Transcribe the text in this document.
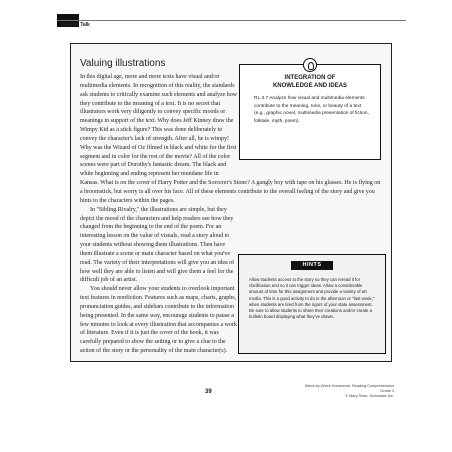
Teacher Talk
Valuing illustrations

In this digital age, more and more texts have visual and/or multimedia elements. In recognition of this reality, the standards ask students to critically examine such elements and analyze how they contribute to the meaning of a text. It is no secret that illustrators work very diligently to convey specific moods or meanings in support of the text. Why does Jeff Kinney draw the Wimpy Kid as a stick figure? This was done deliberately to convey the character's lack of strength. After all, he is wimpy! Why was the Wizard of Oz filmed in black and white for the first segment and in color for the rest of the movie? All of the color scenes were part of Dorothy's fantastic dream. The black and white beginning and ending represent her mundane life in Kansas. What is on the cover of Harry Potter and the Sorcerer's Stone? A gangly boy with tape on his glasses. He is flying on a broomstick, but worry is all over his face. All of these elements contribute to the overall feeling of the story and give you hints to the characters within the pages.

In "Sibling Rivalry," the illustrations are simple, but they depict the mood of the characters and help readers see how they changed from the beginning to the end of the poem. For an interesting lesson on the value of visuals, read a story aloud to your students without showing them illustrations. Then have them illustrate a scene or main character based on what you've read. The variety of their interpretations will give you an idea of how well they are able to listen and will give them a feel for the difficult job of an artist.

You should never allow your students to overlook important text features in nonfiction. Features such as maps, charts, graphs, pronunciation guides, and sidebars contribute to the information being presented. In the same way, encourage students to pause a few minutes to look at every illustration that accompanies a work of literature. Even if it is just the cover of the book, it was carefully prepared to show the setting or to give a clue to the action of the story or the personality of the main character(s).

INTEGRATION OF
KNOWLEDGE AND IDEAS
RL.3.7 Analyze how visual and multimedia elements contribute to the meaning, tone, or beauty of a text (e.g., graphic novel, multimedia presentation of fiction, folktale, myth, poem).
HINTS
Allow students access to the story so they can reread it for clarification and so it can trigger ideas. Allow a considerable amount of time for this assignment and provide a variety of art media. This is a good activity to do in the afternoon or "last week," when students are tired from the rigors of your state assessment. Be sure to allow students to share their creations and/or create a bulletin board displaying what they've drawn.
39
Week-by-Week Homework: Reading Comprehension Grade 3
© Mary Rose, Scholastic Inc.
